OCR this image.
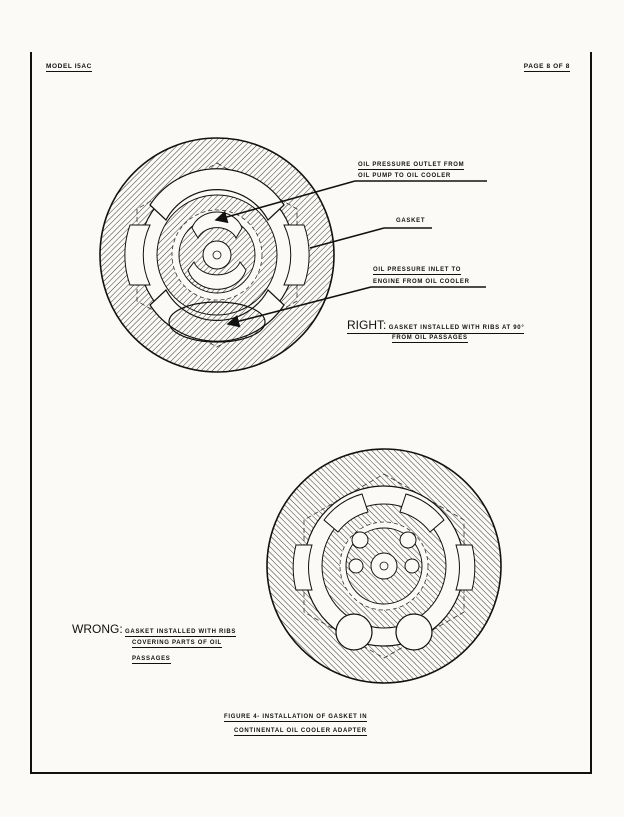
MODEL I5AC	PAGE 8 OF 8
OIL PRESSURE OUTLET FROM
OIL PUMP TO OIL COOLER
GASKET
OIL PRESSURE INLET TO
ENGINE FROM OIL COOLER
RIGHT: GASKET INSTALLED WITH RIBS AT 90°
FROM OIL PASSAGES
WRONG: GASKET INSTALLED WITH RIBS
COVERING PARTS OF OIL
PASSAGES
FIGURE 4- INSTALLATION OF GASKET IN
CONTINENTAL OIL COOLER ADAPTER
